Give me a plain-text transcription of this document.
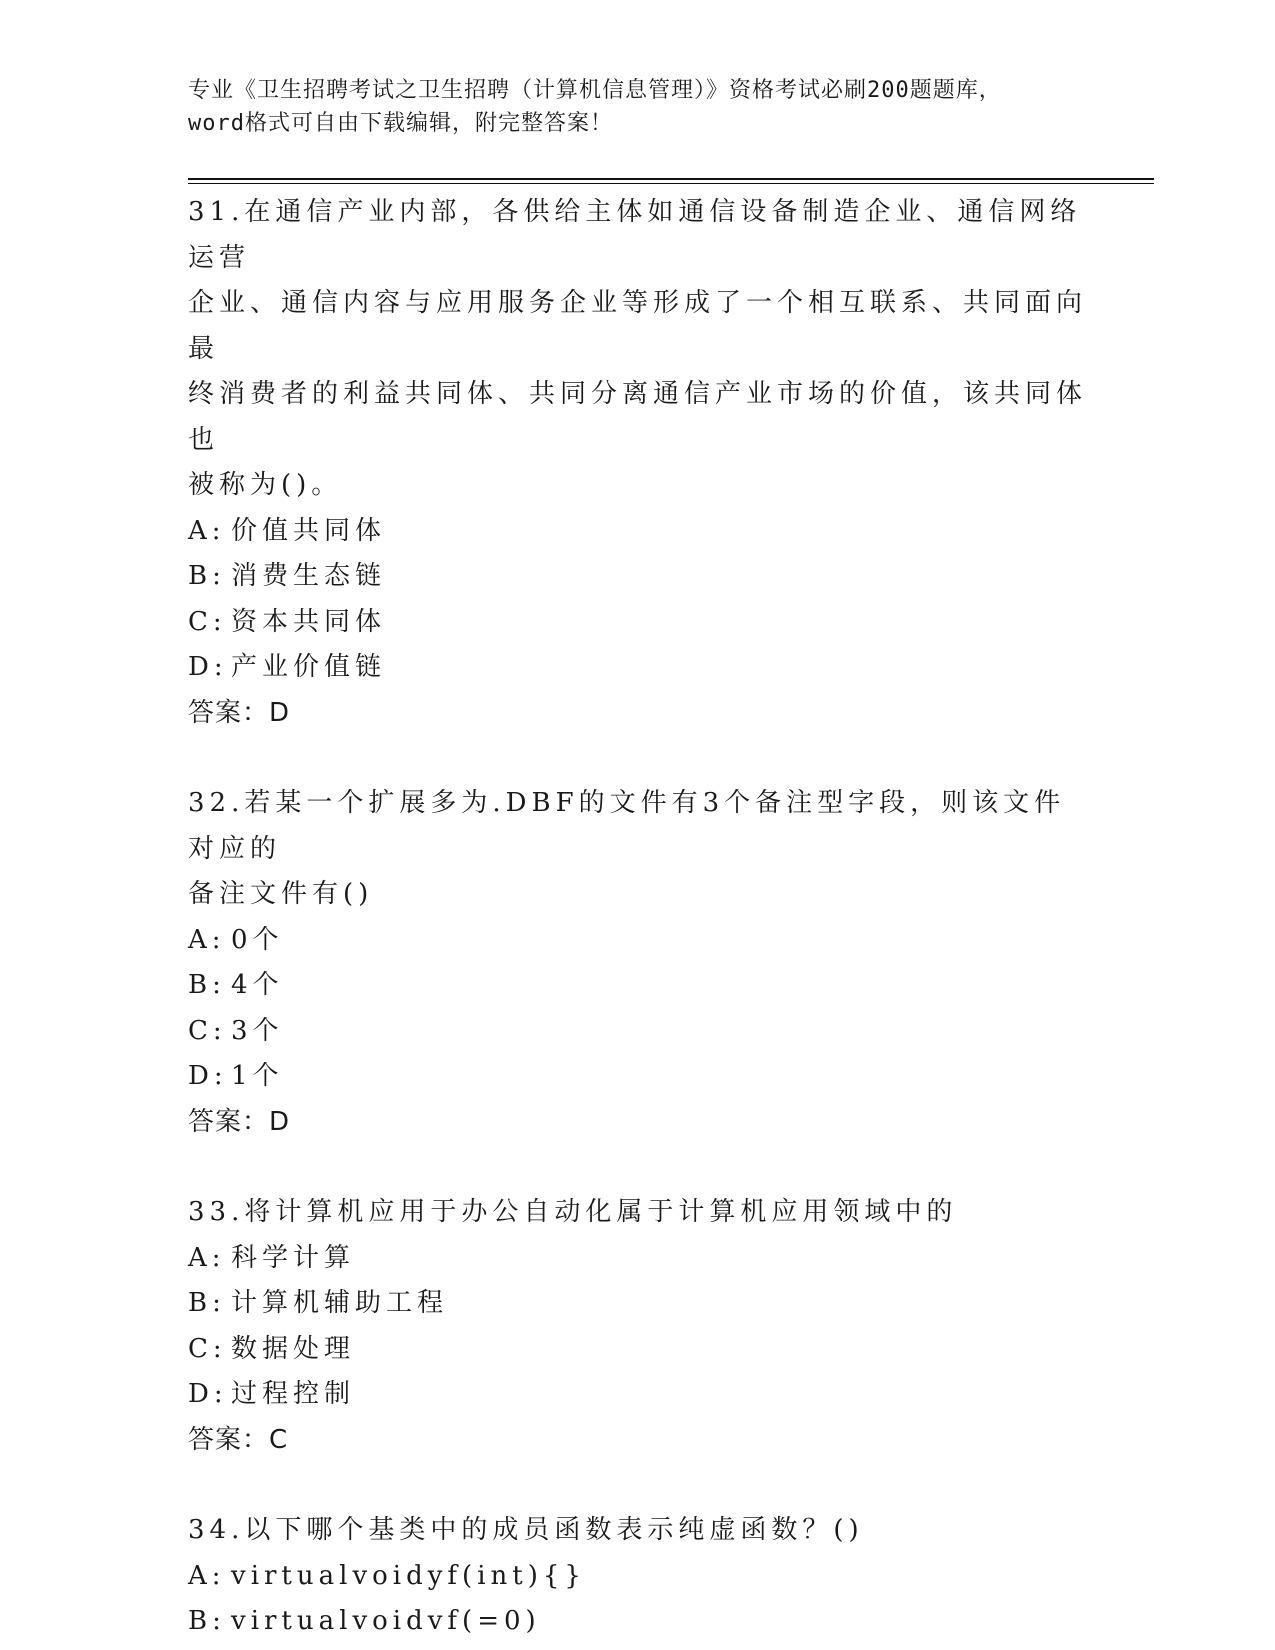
专业《卫生招聘考试之卫生招聘（计算机信息管理）》资格考试必刷200题题库，
word格式可自由下载编辑，附完整答案！

31.在通信产业内部，各供给主体如通信设备制造企业、通信网络运营
企业、通信内容与应用服务企业等形成了一个相互联系、共同面向最
终消费者的利益共同体、共同分离通信产业市场的价值，该共同体也
被称为()。

A: 价值共同体

B: 消费生态链

C: 资本共同体

D: 产业价值链

答案：D

32.若某一个扩展多为.DBF的文件有3个备注型字段，则该文件对应的
备注文件有()

A: 0个

B: 4个

C: 3个

D: 1个

答案：D

33.将计算机应用于办公自动化属于计算机应用领域中的

A: 科学计算

B: 计算机辅助工程

C: 数据处理

D: 过程控制

答案：C

34.以下哪个基类中的成员函数表示纯虚函数？()

A: virtualvoidyf(int){}

B: virtualvoidvf(=0)
